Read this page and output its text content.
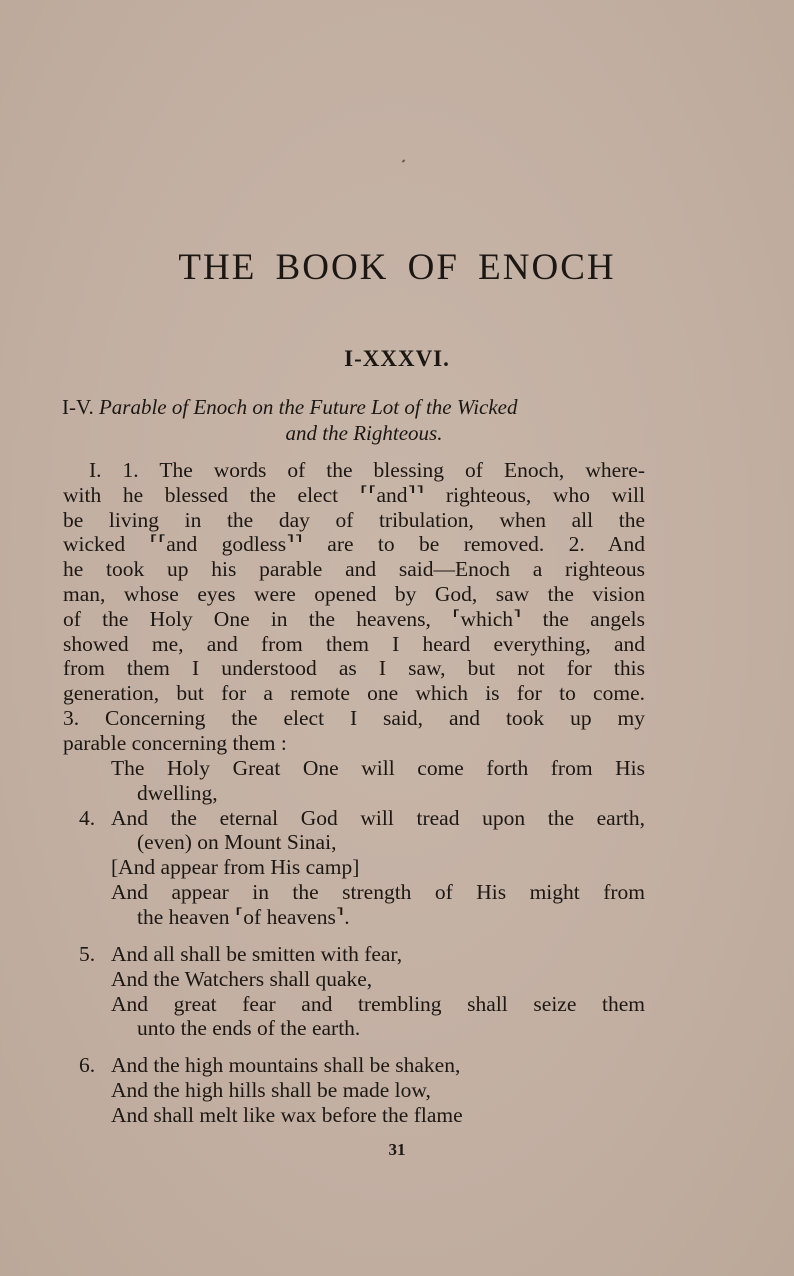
THE BOOK OF ENOCH
I-XXXVI.
I-V. Parable of Enoch on the Future Lot of the Wicked
and the Righteous.
I. 1. The words of the blessing of Enoch, where-
with he blessed the elect ⸢⸢and⸣⸣ righteous, who will
be living in the day of tribulation, when all the
wicked ⸢⸢and godless⸣⸣ are to be removed. 2. And
he took up his parable and said—Enoch a righteous
man, whose eyes were opened by God, saw the vision
of the Holy One in the heavens, ⸢which⸣ the angels
showed me, and from them I heard everything, and
from them I understood as I saw, but not for this
generation, but for a remote one which is for to come.
3. Concerning the elect I said, and took up my
parable concerning them :
The Holy Great One will come forth from His
dwelling,
4. And the eternal God will tread upon the earth,
(even) on Mount Sinai,
[And appear from His camp]
And appear in the strength of His might from
the heaven ⸢of heavens⸣.
5. And all shall be smitten with fear,
And the Watchers shall quake,
And great fear and trembling shall seize them
unto the ends of the earth.
6. And the high mountains shall be shaken,
And the high hills shall be made low,
And shall melt like wax before the flame
31
